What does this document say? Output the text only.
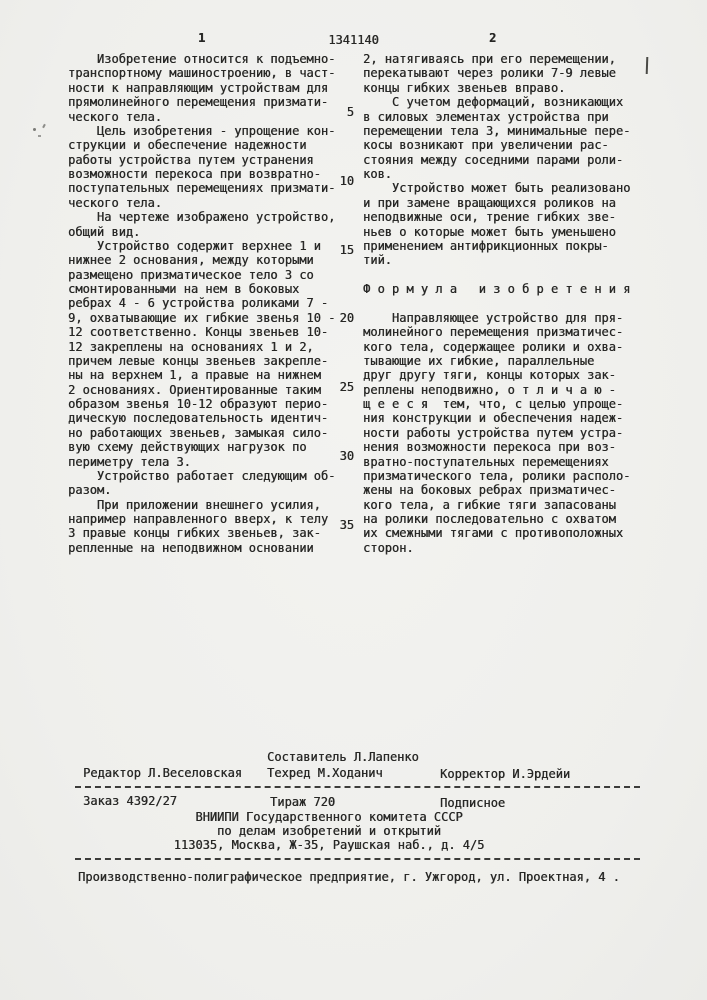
1	1341140	2
Изобретение относится к подъемно-
транспортному машиностроению, в част-
ности к направляющим устройствам для
прямолинейного перемещения призмати-
ческого тела.
Цель изобретения - упрощение кон-
струкции и обеспечение надежности
работы устройства путем устранения
возможности перекоса при возвратно-
поступательных перемещениях призмати-
ческого тела.
На чертеже изображено устройство,
общий вид.
Устройство содержит верхнее 1 и
нижнее 2 основания, между которыми
размещено призматическое тело 3 со
смонтированными на нем в боковых
ребрах 4 - 6 устройства роликами 7 -
9, охватывающие их гибкие звенья 10 -
12 соответственно. Концы звеньев 10-
12 закреплены на основаниях 1 и 2,
причем левые концы звеньев закрепле-
ны на верхнем 1, а правые на нижнем
2 основаниях. Ориентированные таким
образом звенья 10-12 образуют перио-
дическую последовательность идентич-
но работающих звеньев, замыкая сило-
вую схему действующих нагрузок по
периметру тела 3.
Устройство работает следующим об-
разом.
При приложении внешнего усилия,
например направленного вверх, к телу
3 правые концы гибких звеньев, зак-
репленные на неподвижном основании
5
10
15
20
25
30
35
2, натягиваясь при его перемещении,
перекатывают через ролики 7-9 левые
концы гибких звеньев вправо.
С учетом деформаций, возникающих
в силовых элементах устройства при
перемещении тела 3, минимальные пере-
косы возникают при увеличении рас-
стояния между соседними парами роли-
ков.
Устройство может быть реализовано
и при замене вращающихся роликов на
неподвижные оси, трение гибких зве-
ньев о которые может быть уменьшено
применением антифрикционных покры-
тий.
Ф о р м у л а   и з о б р е т е н и я
Направляющее устройство для пря-
молинейного перемещения призматичес-
кого тела, содержащее ролики и охва-
тывающие их гибкие, параллельные
друг другу тяги, концы которых зак-
реплены неподвижно, о т л и ч а ю -
щ е е с я  тем, что, с целью упроще-
ния конструкции и обеспечения надеж-
ности работы устройства путем устра-
нения возможности перекоса при воз-
вратно-поступательных перемещениях
призматического тела, ролики располо-
жены на боковых ребрах призматичес-
кого тела, а гибкие тяги запасованы
на ролики последовательно с охватом
их смежными тягами с противоположных
сторон.
Составитель Л.Лапенко
Редактор Л.Веселовская Техред М.Ходанич	Корректор И.Эрдейи
Заказ 4392/27	Тираж 720	Подписное
ВНИИПИ Государственного комитета СССР
по делам изобретений и открытий
113035, Москва, Ж-35, Раушская наб., д. 4/5
Производственно-полиграфическое предприятие, г. Ужгород, ул. Проектная, 4 .
